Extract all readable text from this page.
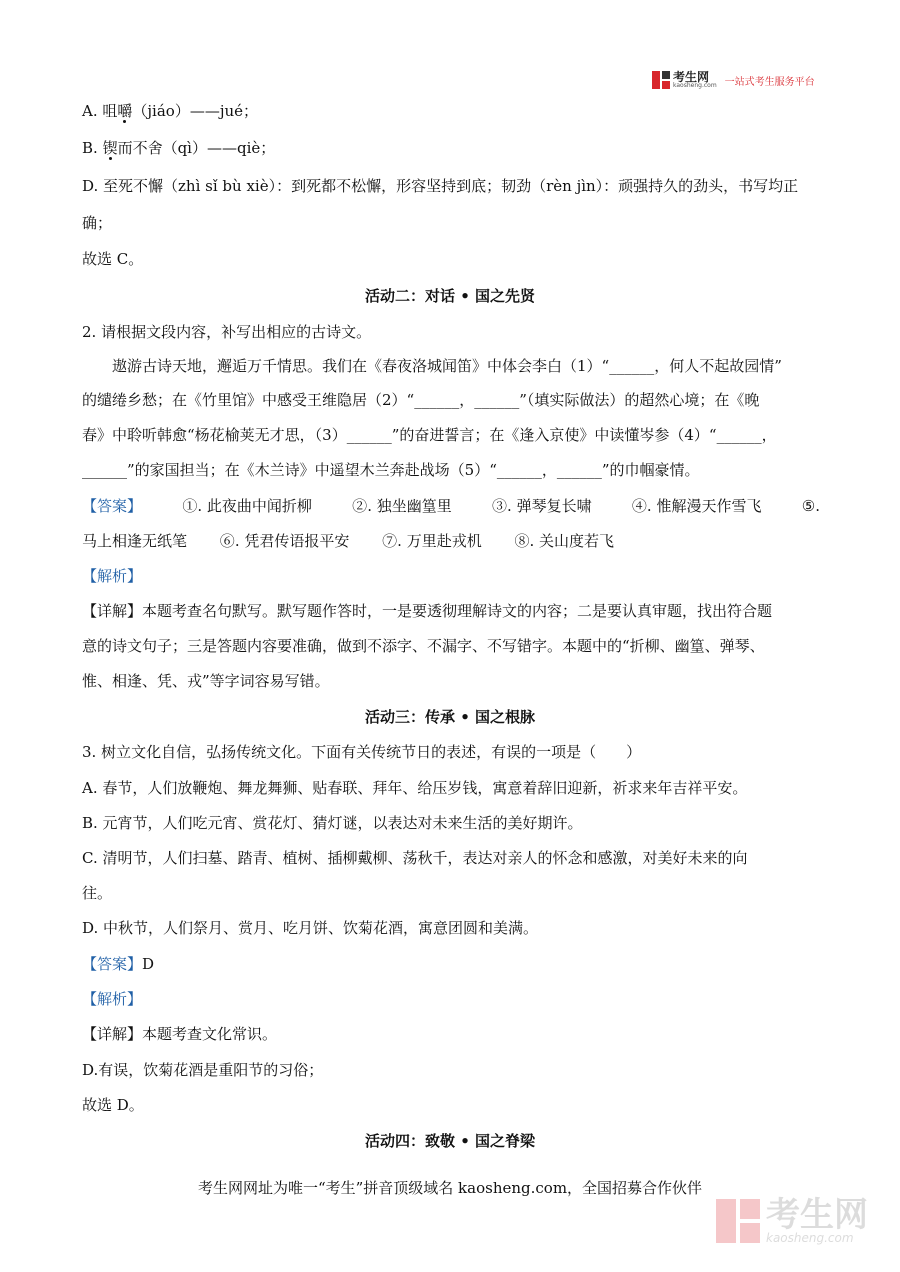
考生网
kaosheng.com 一站式考生服务平台
A. 咀嚼（jiáo）——jué；
B. 锲而不舍（qì）——qiè；
D. 至死不懈（zhì sǐ bù xiè）：到死都不松懈，形容坚持到底；韧劲（rèn jìn）：顽强持久的劲头，书写均正
确；
故选 C。
活动二：对话 • 国之先贤
2. 请根据文段内容，补写出相应的古诗文。
遨游古诗天地，邂逅万千情思。我们在《春夜洛城闻笛》中体会李白（1）“______，何人不起故园情”
的缱绻乡愁；在《竹里馆》中感受王维隐居（2）“______，______”（填实际做法）的超然心境；在《晚
春》中聆听韩愈“杨花榆荚无才思，（3）______”的奋进誓言；在《逢入京使》中读懂岑参（4）“______，
______”的家国担当；在《木兰诗》中遥望木兰奔赴战场（5）“______，______”的巾帼豪情。
【答案】	①. 此夜曲中闻折柳	②. 独坐幽篁里	③. 弹琴复长啸	④. 惟解漫天作雪飞	⑤.
马上相逢无纸笔 ⑥. 凭君传语报平安 ⑦. 万里赴戎机 ⑧. 关山度若飞
【解析】
【详解】本题考查名句默写。默写题作答时，一是要透彻理解诗文的内容；二是要认真审题，找出符合题
意的诗文句子；三是答题内容要准确，做到不添字、不漏字、不写错字。本题中的“折柳、幽篁、弹琴、
惟、相逢、凭、戎”等字词容易写错。
活动三：传承 • 国之根脉
3. 树立文化自信，弘扬传统文化。下面有关传统节日的表述，有误的一项是（　　）
A. 春节，人们放鞭炮、舞龙舞狮、贴春联、拜年、给压岁钱，寓意着辞旧迎新，祈求来年吉祥平安。
B. 元宵节，人们吃元宵、赏花灯、猜灯谜，以表达对未来生活的美好期许。
C. 清明节，人们扫墓、踏青、植树、插柳戴柳、荡秋千，表达对亲人的怀念和感激，对美好未来的向
往。
D. 中秋节，人们祭月、赏月、吃月饼、饮菊花酒，寓意团圆和美满。
【答案】D
【解析】
【详解】本题考查文化常识。
D.有误，饮菊花酒是重阳节的习俗；
故选 D。
活动四：致敬 • 国之脊梁
考生网网址为唯一“考生”拼音顶级域名 kaosheng.com，全国招募合作伙伴
考生网
kaosheng.com
